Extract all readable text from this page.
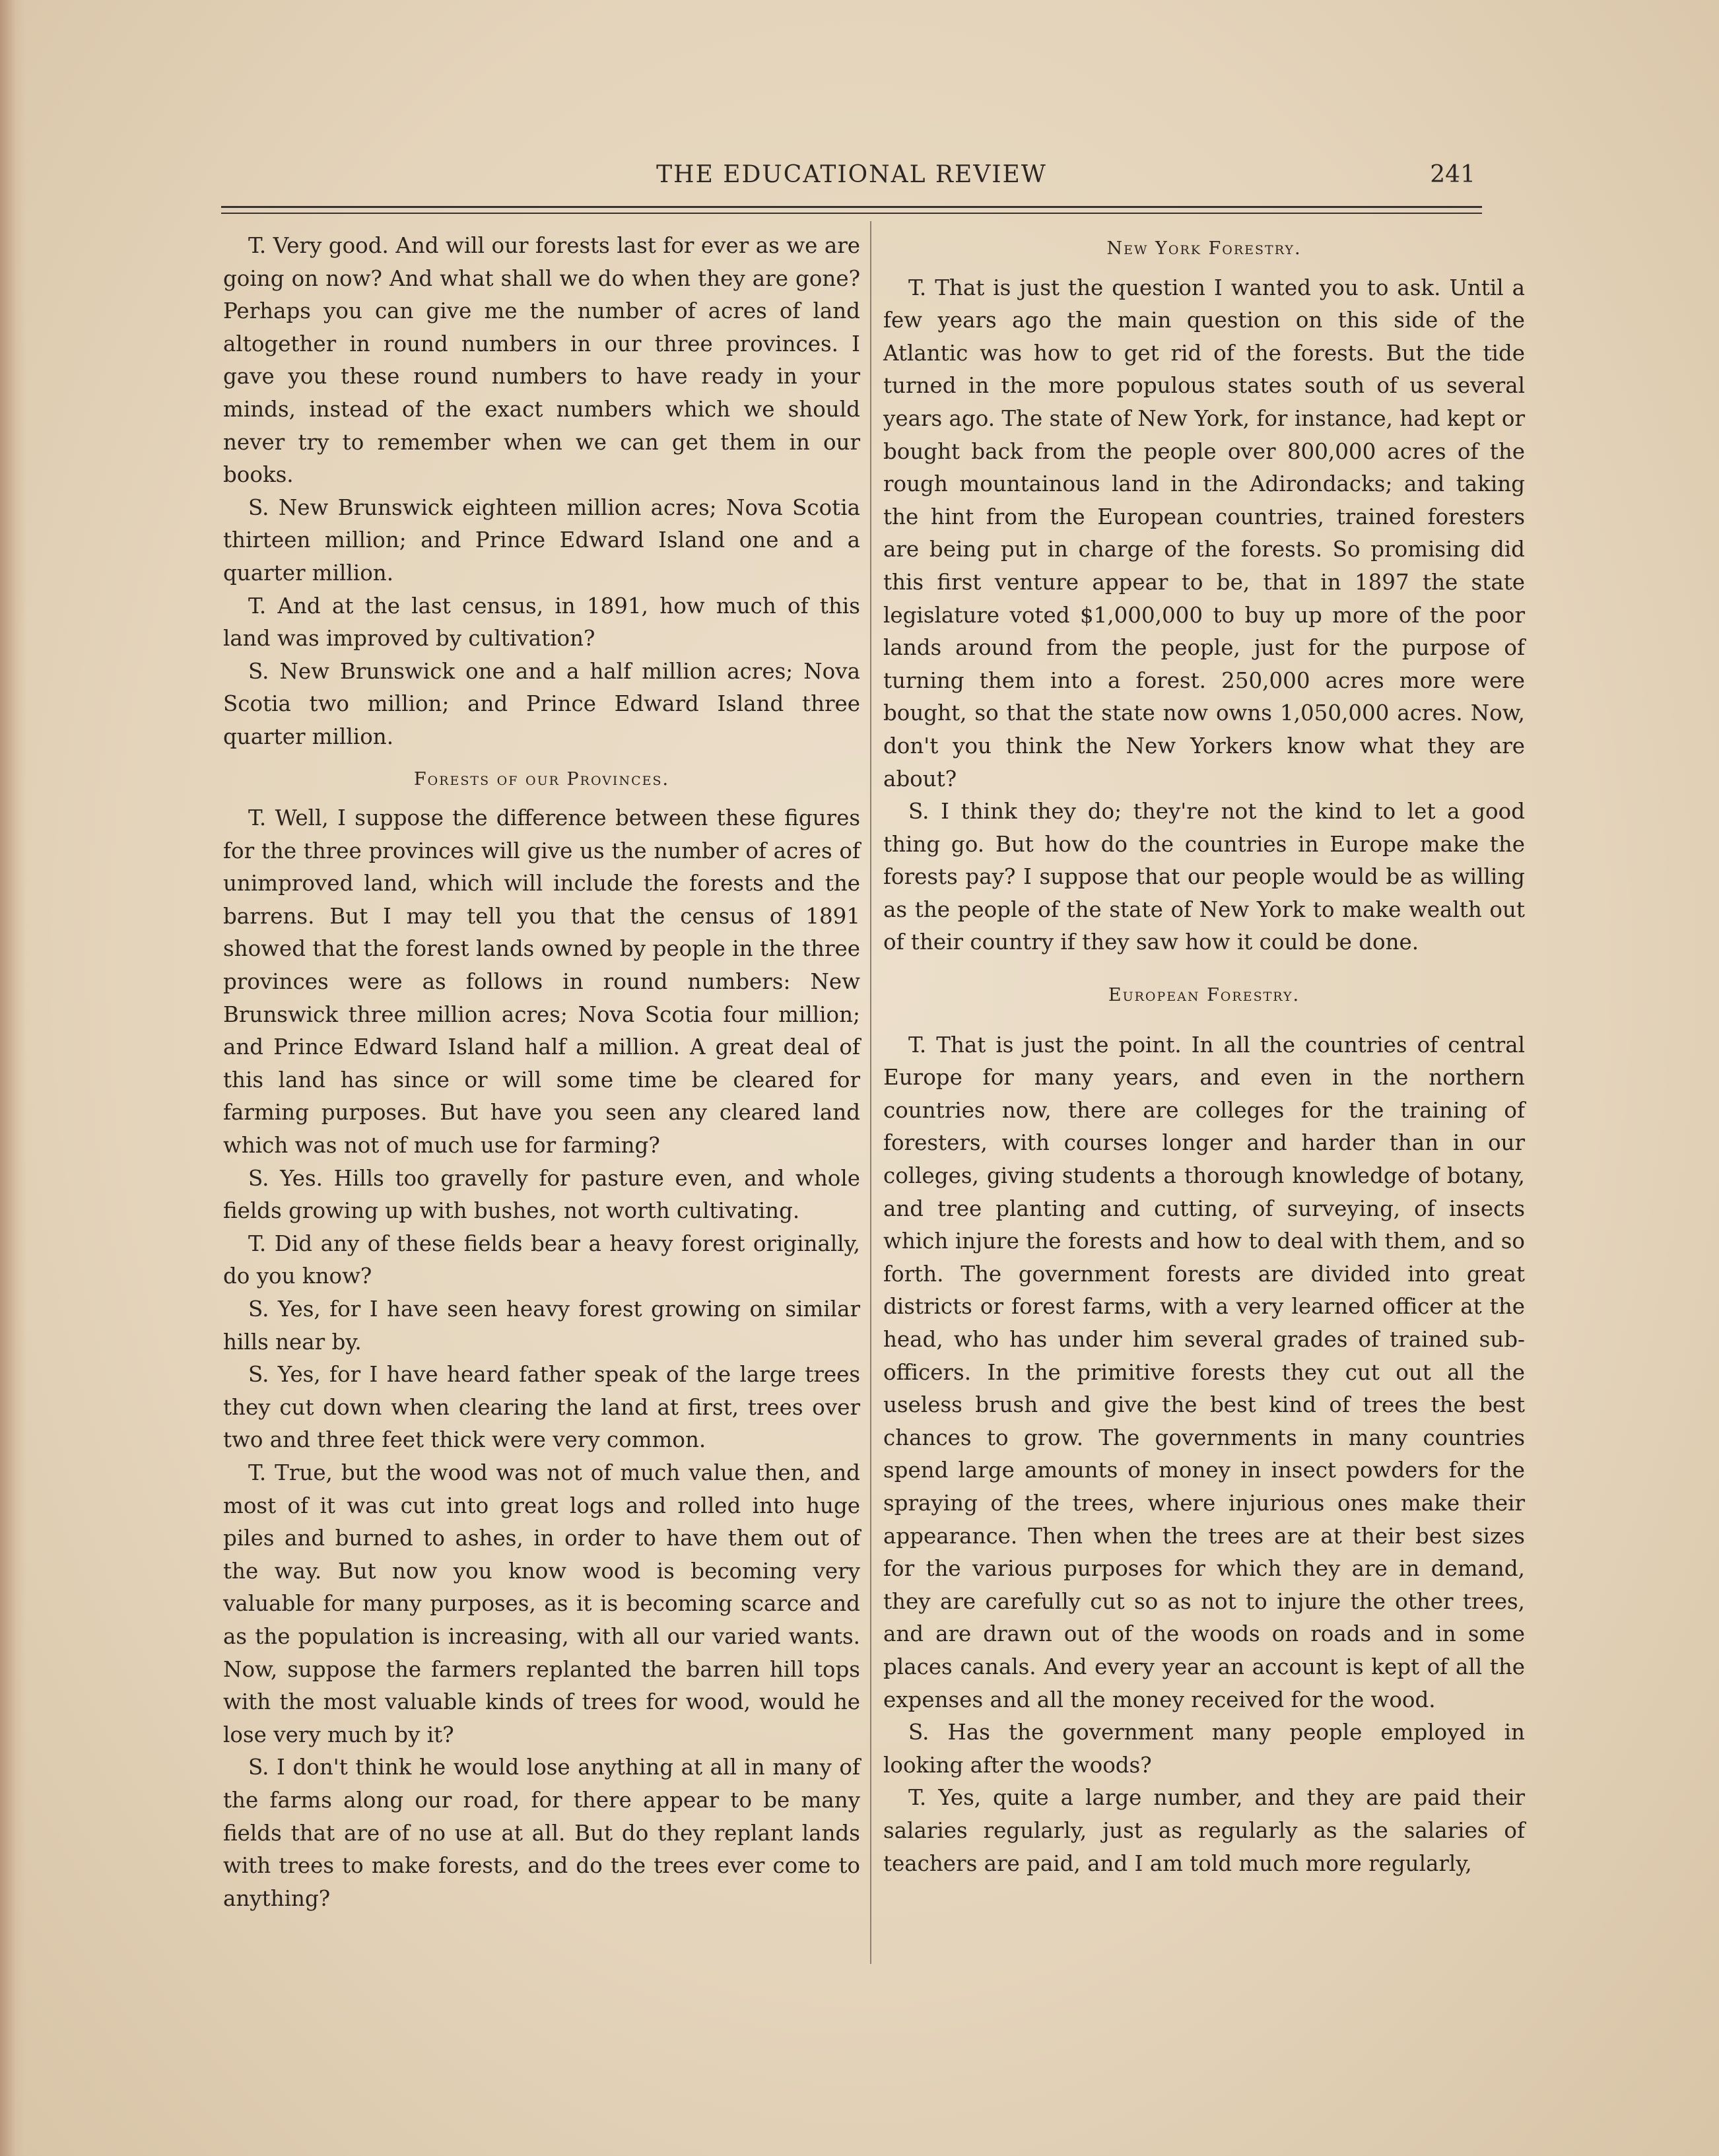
THE EDUCATIONAL REVIEW	241

T. Very good. And will our forests last for ever as we are going on now? And what shall we do when they are gone? Perhaps you can give me the number of acres of land altogether in round numbers in our three provinces. I gave you these round numbers to have ready in your minds, instead of the exact numbers which we should never try to remember when we can get them in our books.

S. New Brunswick eighteen million acres; Nova Scotia thirteen million; and Prince Edward Island one and a quarter million.

T. And at the last census, in 1891, how much of this land was improved by cultivation?

S. New Brunswick one and a half million acres; Nova Scotia two million; and Prince Edward Island three quarter million.

Forests of our Provinces.

T. Well, I suppose the difference between these figures for the three provinces will give us the number of acres of unimproved land, which will include the forests and the barrens. But I may tell you that the census of 1891 showed that the forest lands owned by people in the three provinces were as follows in round numbers: New Brunswick three million acres; Nova Scotia four million; and Prince Edward Island half a million. A great deal of this land has since or will some time be cleared for farming purposes. But have you seen any cleared land which was not of much use for farming?

S. Yes. Hills too gravelly for pasture even, and whole fields growing up with bushes, not worth cultivating.

T. Did any of these fields bear a heavy forest originally, do you know?

S. Yes, for I have seen heavy forest growing on similar hills near by.

S. Yes, for I have heard father speak of the large trees they cut down when clearing the land at first, trees over two and three feet thick were very common.

T. True, but the wood was not of much value then, and most of it was cut into great logs and rolled into huge piles and burned to ashes, in order to have them out of the way. But now you know wood is becoming very valuable for many purposes, as it is becoming scarce and as the population is increasing, with all our varied wants. Now, suppose the farmers replanted the barren hill tops with the most valuable kinds of trees for wood, would he lose very much by it?

S. I don't think he would lose anything at all in many of the farms along our road, for there appear to be many fields that are of no use at all. But do they replant lands with trees to make forests, and do the trees ever come to anything?

New York Forestry.

T. That is just the question I wanted you to ask. Until a few years ago the main question on this side of the Atlantic was how to get rid of the forests. But the tide turned in the more populous states south of us several years ago. The state of New York, for instance, had kept or bought back from the people over 800,000 acres of the rough mountainous land in the Adirondacks; and taking the hint from the European countries, trained foresters are being put in charge of the forests. So promising did this first venture appear to be, that in 1897 the state legislature voted $1,000,000 to buy up more of the poor lands around from the people, just for the purpose of turning them into a forest. 250,000 acres more were bought, so that the state now owns 1,050,000 acres. Now, don't you think the New Yorkers know what they are about?

S. I think they do; they're not the kind to let a good thing go. But how do the countries in Europe make the forests pay? I suppose that our people would be as willing as the people of the state of New York to make wealth out of their country if they saw how it could be done.

European Forestry.

T. That is just the point. In all the countries of central Europe for many years, and even in the northern countries now, there are colleges for the training of foresters, with courses longer and harder than in our colleges, giving students a thorough knowledge of botany, and tree planting and cutting, of surveying, of insects which injure the forests and how to deal with them, and so forth. The government forests are divided into great districts or forest farms, with a very learned officer at the head, who has under him several grades of trained sub-officers. In the primitive forests they cut out all the useless brush and give the best kind of trees the best chances to grow. The governments in many countries spend large amounts of money in insect powders for the spraying of the trees, where injurious ones make their appearance. Then when the trees are at their best sizes for the various purposes for which they are in demand, they are carefully cut so as not to injure the other trees, and are drawn out of the woods on roads and in some places canals. And every year an account is kept of all the expenses and all the money received for the wood.

S. Has the government many people employed in looking after the woods?

T. Yes, quite a large number, and they are paid their salaries regularly, just as regularly as the salaries of teachers are paid, and I am told much more regularly,
